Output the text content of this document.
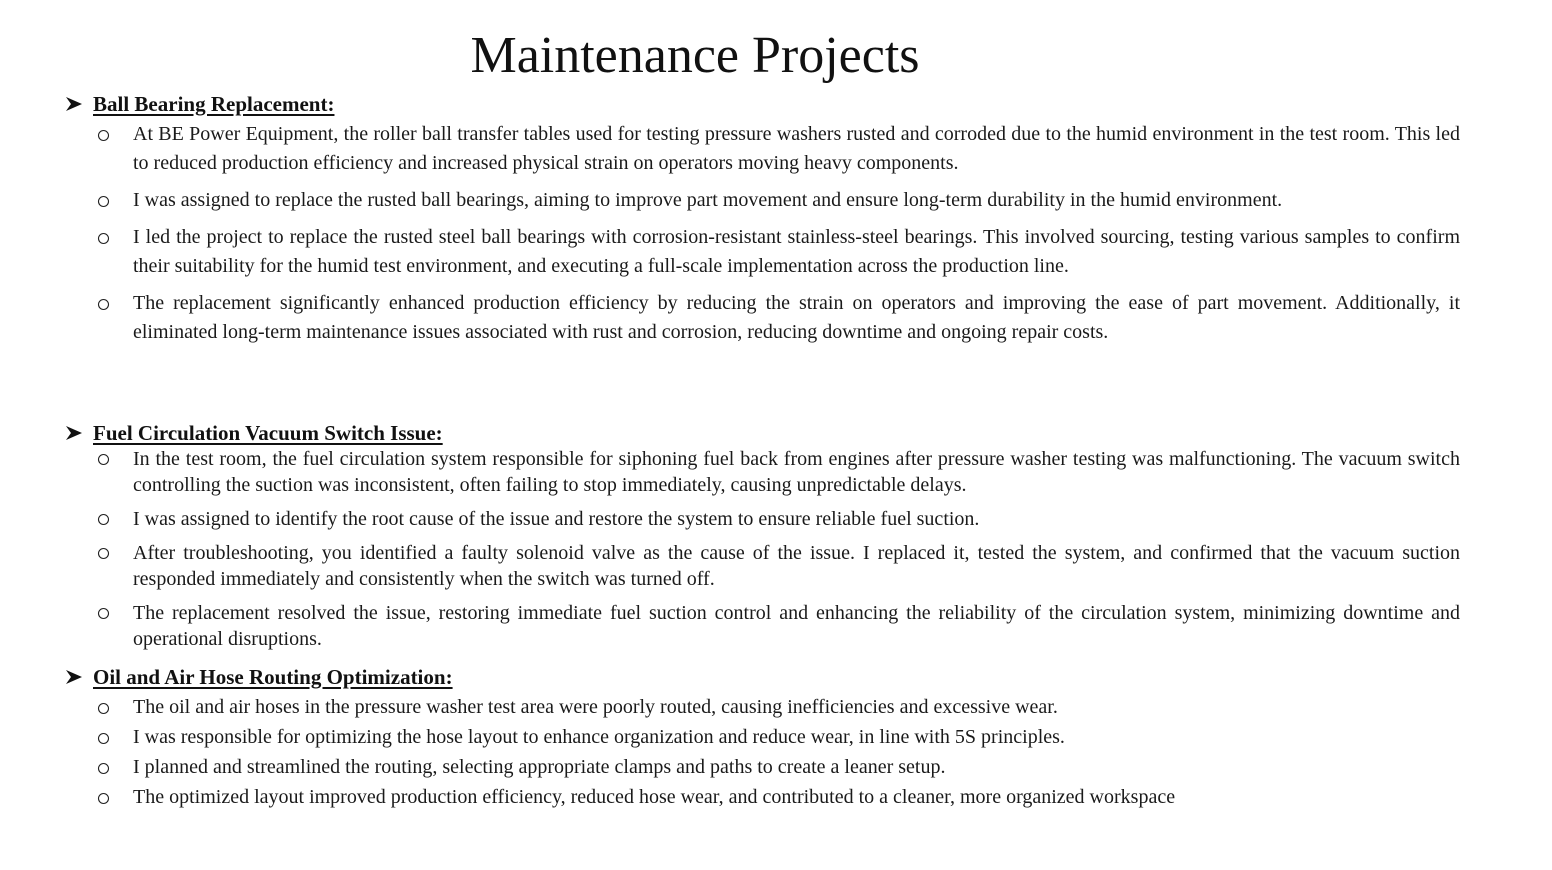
Maintenance Projects
Ball Bearing Replacement:
At BE Power Equipment, the roller ball transfer tables used for testing pressure washers rusted and corroded due to the humid environment in the test room. This led to reduced production efficiency and increased physical strain on operators moving heavy components.
I was assigned to replace the rusted ball bearings, aiming to improve part movement and ensure long-term durability in the humid environment.
I led the project to replace the rusted steel ball bearings with corrosion-resistant stainless-steel bearings. This involved sourcing, testing various samples to confirm their suitability for the humid test environment, and executing a full-scale implementation across the production line.
The replacement significantly enhanced production efficiency by reducing the strain on operators and improving the ease of part movement. Additionally, it eliminated long-term maintenance issues associated with rust and corrosion, reducing downtime and ongoing repair costs.
Fuel Circulation Vacuum Switch Issue:
In the test room, the fuel circulation system responsible for siphoning fuel back from engines after pressure washer testing was malfunctioning. The vacuum switch controlling the suction was inconsistent, often failing to stop immediately, causing unpredictable delays.
I was assigned to identify the root cause of the issue and restore the system to ensure reliable fuel suction.
After troubleshooting, you identified a faulty solenoid valve as the cause of the issue. I replaced it, tested the system, and confirmed that the vacuum suction responded immediately and consistently when the switch was turned off.
The replacement resolved the issue, restoring immediate fuel suction control and enhancing the reliability of the circulation system, minimizing downtime and operational disruptions.
Oil and Air Hose Routing Optimization:
The oil and air hoses in the pressure washer test area were poorly routed, causing inefficiencies and excessive wear.
I was responsible for optimizing the hose layout to enhance organization and reduce wear, in line with 5S principles.
I planned and streamlined the routing, selecting appropriate clamps and paths to create a leaner setup.
The optimized layout improved production efficiency, reduced hose wear, and contributed to a cleaner, more organized workspace
